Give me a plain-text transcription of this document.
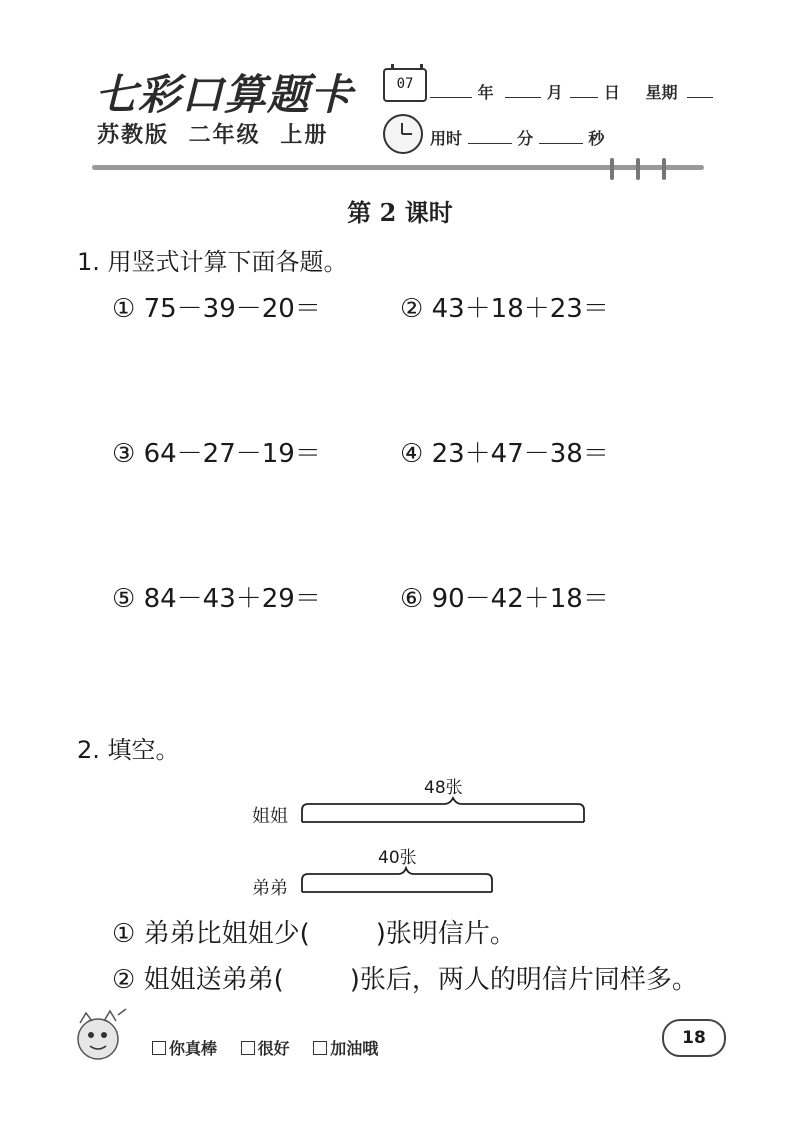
七彩口算题卡
苏教版 二年级 上册
07	年	月	日 星期
用时	分	秒
第 2 课时
1. 用竖式计算下面各题。
① 75－39－20＝	② 43＋18＋23＝
③ 64－27－19＝	④ 23＋47－38＝
⑤ 84－43＋29＝	⑥ 90－42＋18＝
2. 填空。
48张
姐姐
40张
弟弟
① 弟弟比姐姐少(	)张明信片。
② 姐姐送弟弟(	)张后，两人的明信片同样多。
你真棒	很好	加油哦
18
